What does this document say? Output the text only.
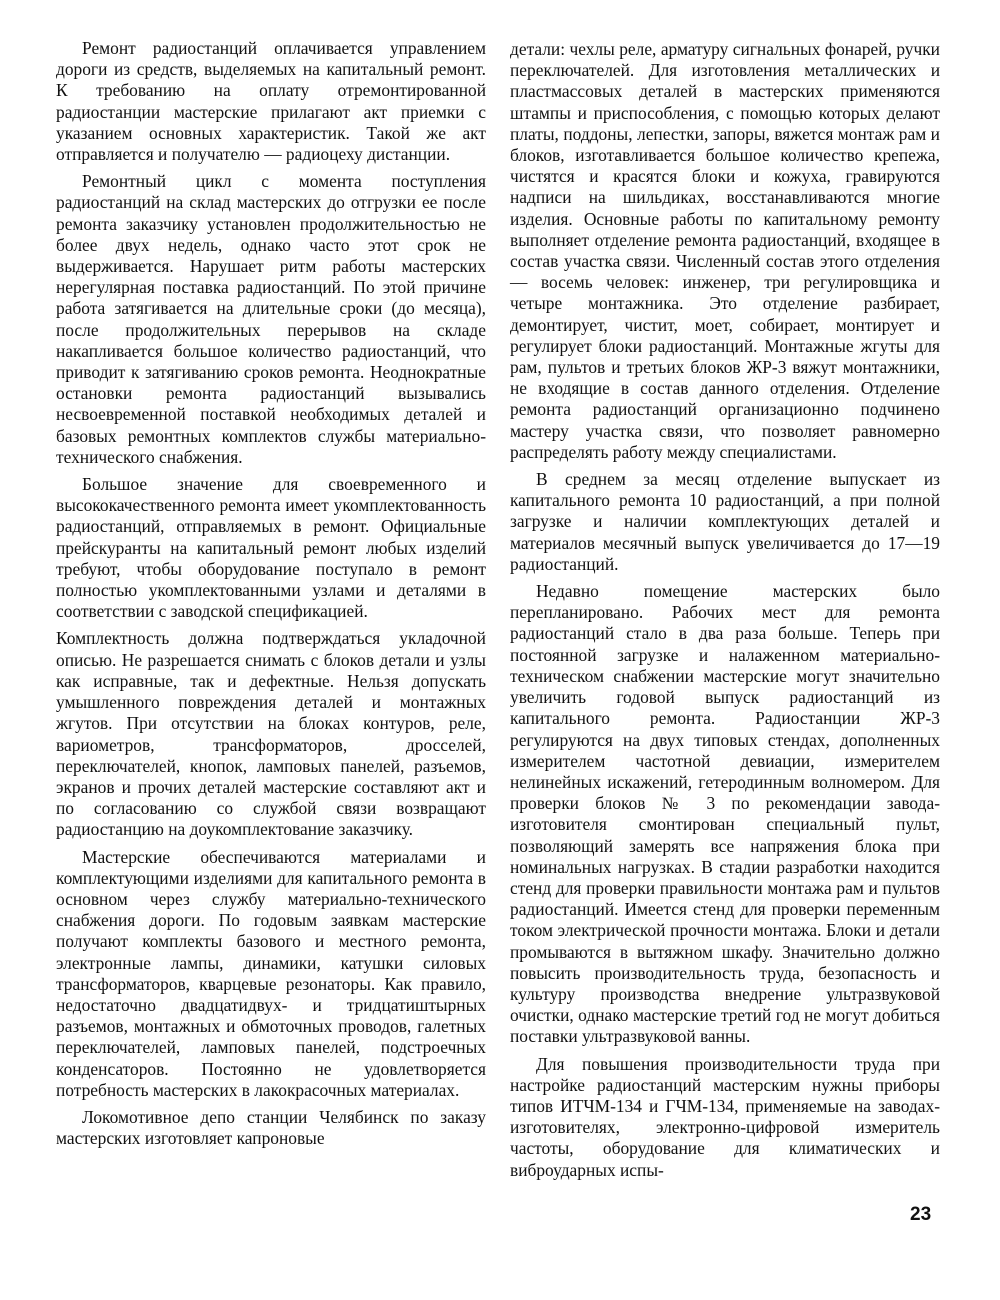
Ремонт радиостанций оплачивается управлением дороги из средств, выделяемых на капитальный ремонт. К требованию на оплату отремонтированной радиостанции мастерские прилагают акт приемки с указанием основных характеристик. Такой же акт отправляется и получателю — радиоцеху дистанции.

Ремонтный цикл с момента поступления радиостанций на склад мастерских до отгрузки ее после ремонта заказчику установлен продолжительностью не более двух недель, однако часто этот срок не выдерживается. Нарушает ритм работы мастерских нерегулярная поставка радиостанций. По этой причине работа затягивается на длительные сроки (до месяца), после продолжительных перерывов на складе накапливается большое количество радиостанций, что приводит к затягиванию сроков ремонта. Неоднократные остановки ремонта радиостанций вызывались несвоевременной поставкой необходимых деталей и базовых ремонтных комплектов службы материально-технического снабжения.

Большое значение для своевременного и высококачественного ремонта имеет укомплектованность радиостанций, отправляемых в ремонт. Официальные прейскуранты на капитальный ремонт любых изделий требуют, чтобы оборудование поступало в ремонт полностью укомплектованными узлами и деталями в соответствии с заводской спецификацией.

Комплектность должна подтверждаться укладочной описью. Не разрешается снимать с блоков детали и узлы как исправные, так и дефектные. Нельзя допускать умышленного повреждения деталей и монтажных жгутов. При отсутствии на блоках контуров, реле, вариометров, трансформаторов, дросселей, переключателей, кнопок, ламповых панелей, разъемов, экранов и прочих деталей мастерские составляют акт и по согласованию со службой связи возвращают радиостанцию на доукомплектование заказчику.

Мастерские обеспечиваются материалами и комплектующими изделиями для капитального ремонта в основном через службу материально-технического снабжения дороги. По годовым заявкам мастерские получают комплекты базового и местного ремонта, электронные лампы, динамики, катушки силовых трансформаторов, кварцевые резонаторы. Как правило, недостаточно двадцатидвух- и тридцатиштырных разъемов, монтажных и обмоточных проводов, галетных переключателей, ламповых панелей, подстроечных конденсаторов. Постоянно не удовлетворяется потребность мастерских в лакокрасочных материалах.

Локомотивное депо станции Челябинск по заказу мастерских изготовляет капроновые

детали: чехлы реле, арматуру сигнальных фонарей, ручки переключателей. Для изготовления металлических и пластмассовых деталей в мастерских применяются штампы и приспособления, с помощью которых делают платы, поддоны, лепестки, запоры, вяжется монтаж рам и блоков, изготавливается большое количество крепежа, чистятся и красятся блоки и кожуха, гравируются надписи на шильдиках, восстанавливаются многие изделия. Основные работы по капитальному ремонту выполняет отделение ремонта радиостанций, входящее в состав участка связи. Численный состав этого отделения — восемь человек: инженер, три регулировщика и четыре монтажника. Это отделение разбирает, демонтирует, чистит, моет, собирает, монтирует и регулирует блоки радиостанций. Монтажные жгуты для рам, пультов и третьих блоков ЖР-3 вяжут монтажники, не входящие в состав данного отделения. Отделение ремонта радиостанций организационно подчинено мастеру участка связи, что позволяет равномерно распределять работу между специалистами.

В среднем за месяц отделение выпускает из капитального ремонта 10 радиостанций, а при полной загрузке и наличии комплектующих деталей и материалов месячный выпуск увеличивается до 17—19 радиостанций.

Недавно помещение мастерских было перепланировано. Рабочих мест для ремонта радиостанций стало в два раза больше. Теперь при постоянной загрузке и налаженном материально-техническом снабжении мастерские могут значительно увеличить годовой выпуск радиостанций из капитального ремонта. Радиостанции ЖР-3 регулируются на двух типовых стендах, дополненных измерителем частотной девиации, измерителем нелинейных искажений, гетеродинным волномером. Для проверки блоков № 3 по рекомендации завода-изготовителя смонтирован специальный пульт, позволяющий замерять все напряжения блока при номинальных нагрузках. В стадии разработки находится стенд для проверки правильности монтажа рам и пультов радиостанций. Имеется стенд для проверки переменным током электрической прочности монтажа. Блоки и детали промываются в вытяжном шкафу. Значительно должно повысить производительность труда, безопасность и культуру производства внедрение ультразвуковой очистки, однако мастерские третий год не могут добиться поставки ультразвуковой ванны.

Для повышения производительности труда при настройке радиостанций мастерским нужны приборы типов ИТЧМ-134 и ГЧМ-134, применяемые на заводах-изготовителях, электронно-цифровой измеритель частоты, оборудование для климатических и виброударных испы-

23
